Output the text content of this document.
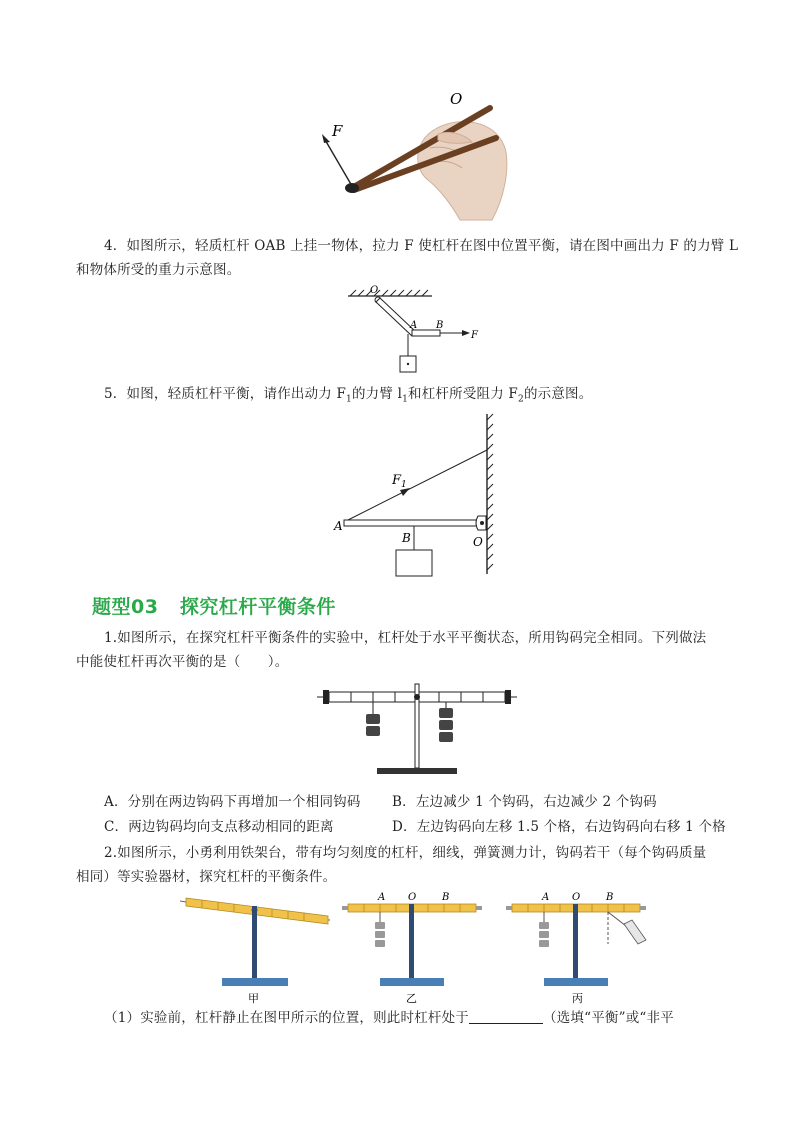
F
O
4．如图所示，轻质杠杆 OAB 上挂一物体，拉力 F 使杠杆在图中位置平衡，请在图中画出力 F 的力臂 L
和物体所受的重力示意图。
O
A B
F
5．如图，轻质杠杆平衡，请作出动力 $F_1$的力臂 $l_1$和杠杆所受阻力 $F_2$的示意图。
$F_1$
A
O
B
题型03 探究杠杆平衡条件
1.如图所示，在探究杠杆平衡条件的实验中，杠杆处于水平平衡状态，所用钩码完全相同。下列做法
中能使杠杆再次平衡的是（　　）。
A．分别在两边钩码下再增加一个相同钩码 B．左边减少 1 个钩码，右边减少 2 个钩码
C．两边钩码均向支点移动相同的距离	D．左边钩码向左移 1.5 个格，右边钩码向右移 1 个格
2.如图所示，小勇利用铁架台，带有均匀刻度的杠杆，细线，弹簧测力计，钩码若干（每个钩码质量
相同）等实验器材，探究杠杆的平衡条件。
甲
A O	B
乙
A O	B
丙
（1）实验前，杠杆静止在图甲所示的位置，则此时杠杆处于	（选填“平衡”或“非平
